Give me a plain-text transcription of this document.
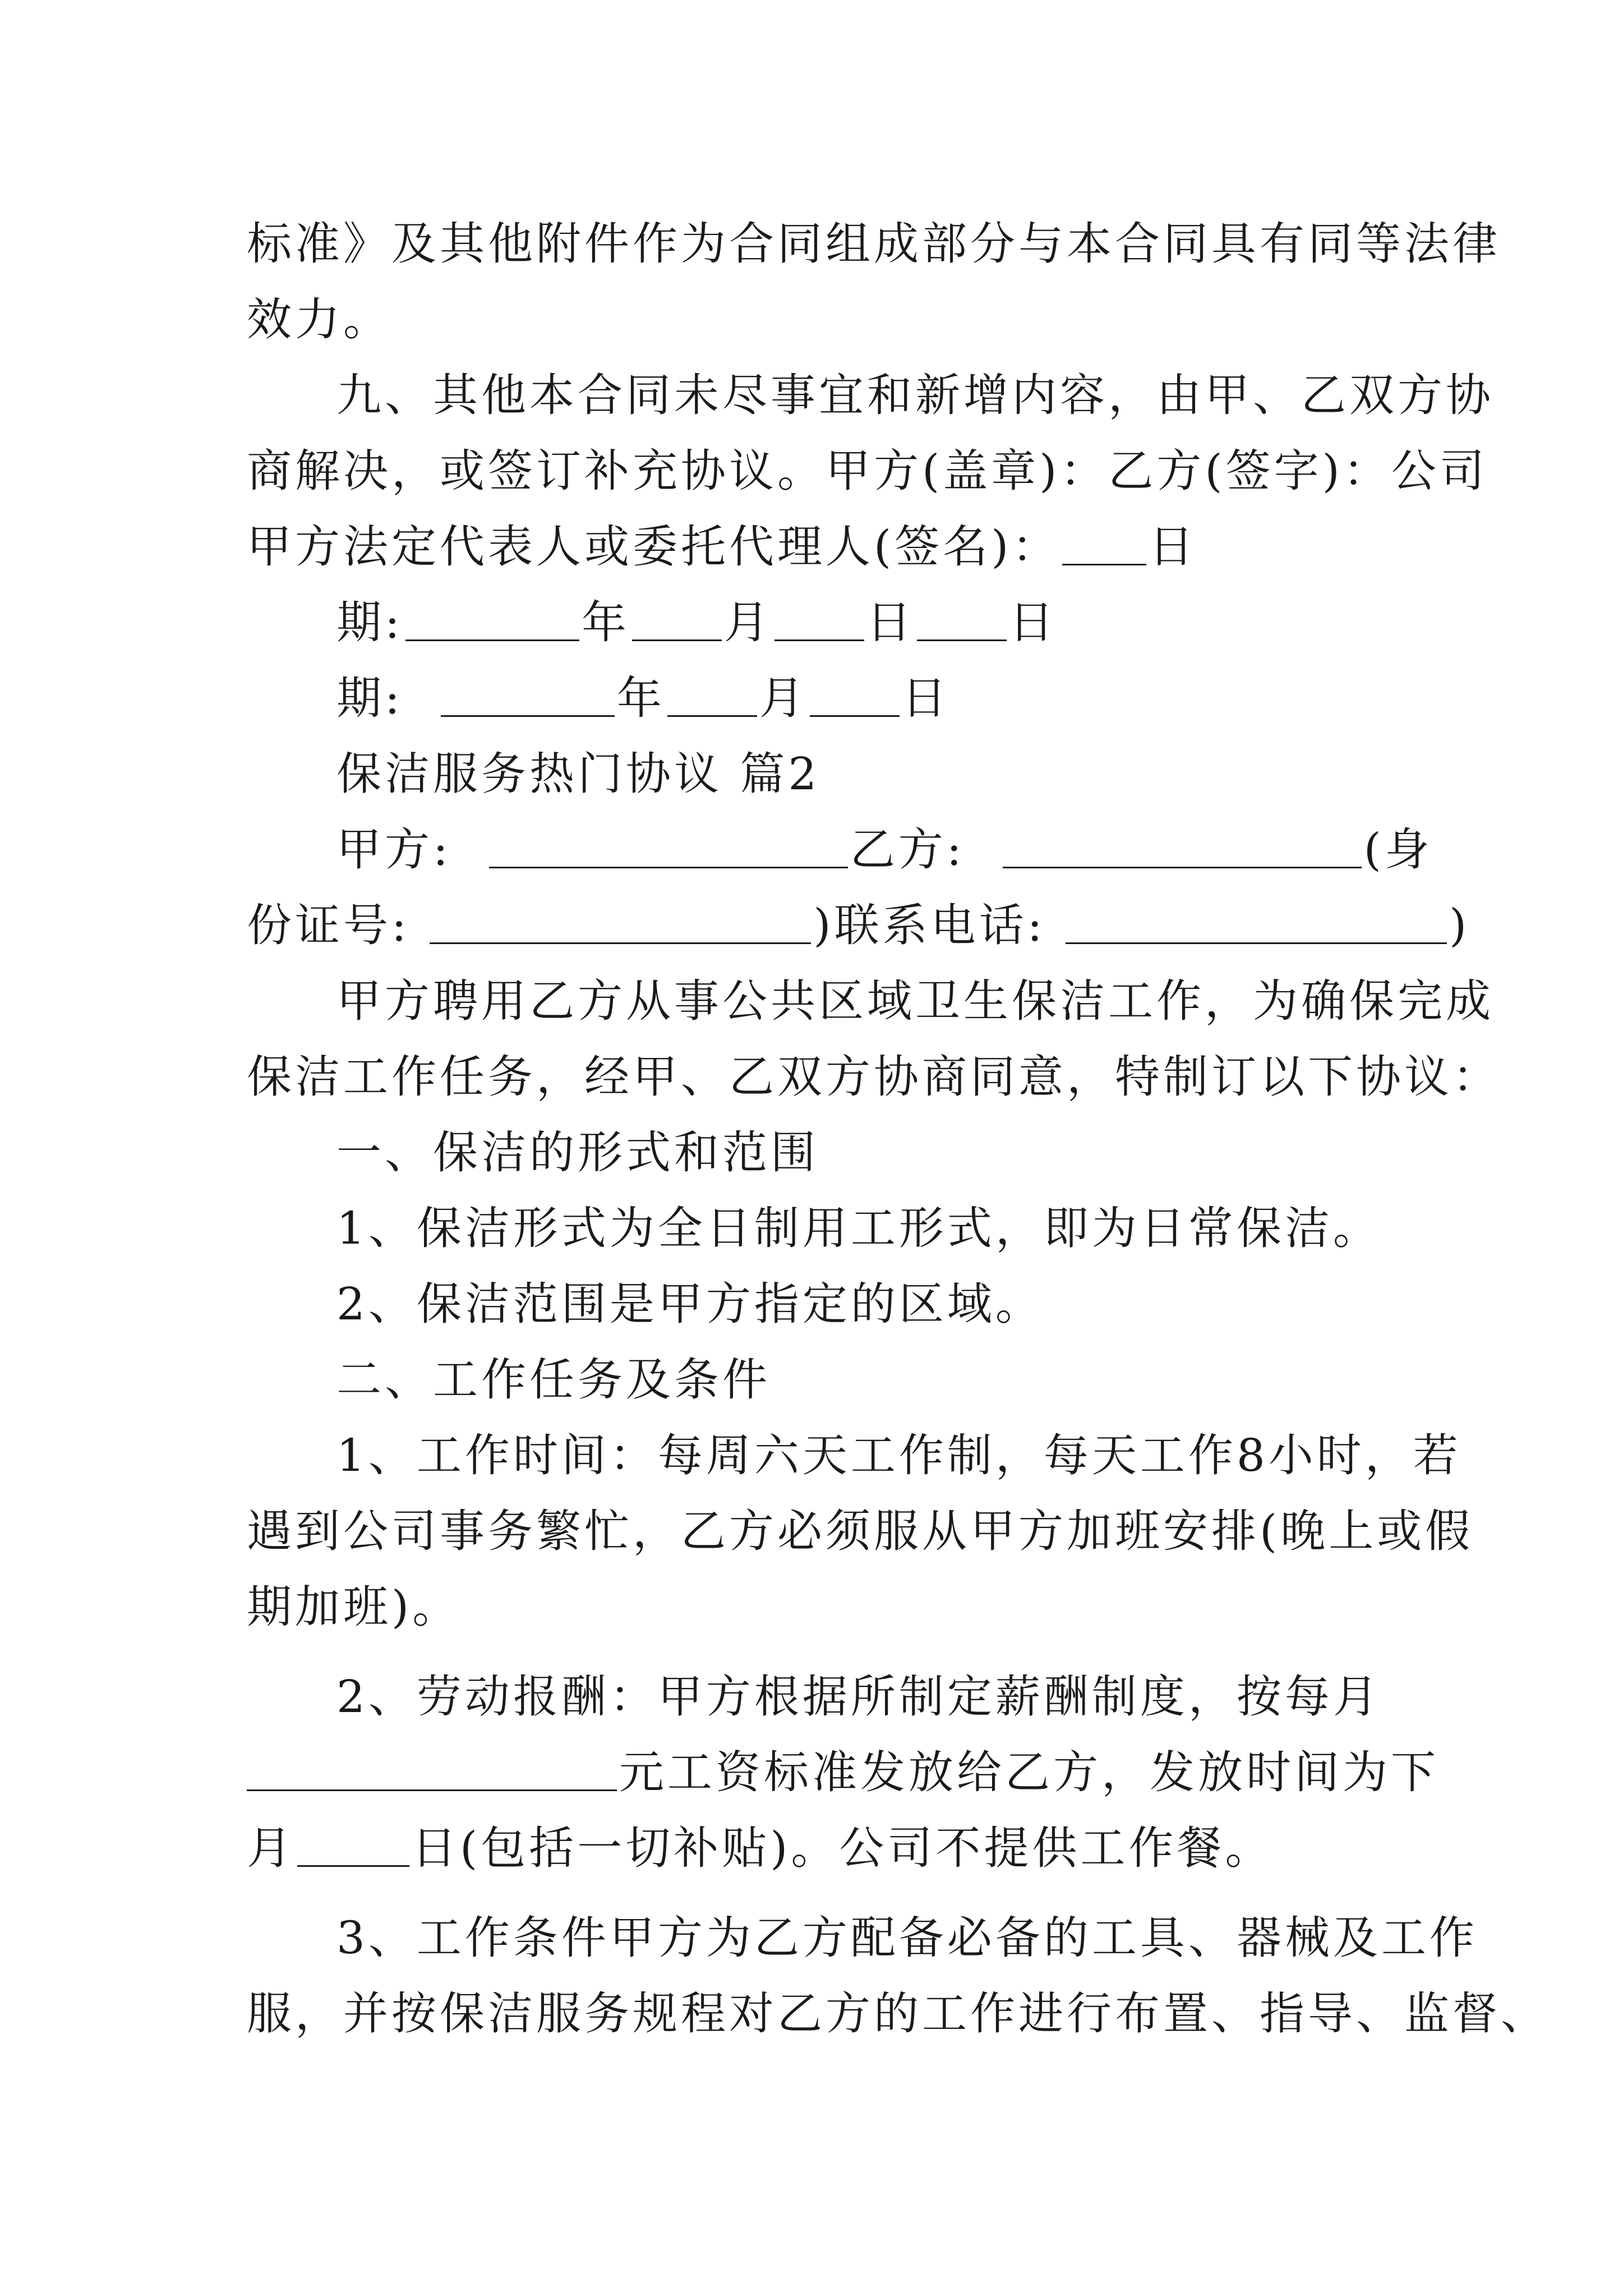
标准》及其他附件作为合同组成部分与本合同具有同等法律
效力。
九、其他本合同未尽事宜和新增内容，由甲、乙双方协
商解决，或签订补充协议。甲方(盖章)：乙方(签字)：公司
甲方法定代表人或委托代理人(签名)： 日
期:	年 月 日 日
期:	年 月 日
保洁服务热门协议 篇2
甲方:	乙方:	(身
份证号:	)联系电话:	)
甲方聘用乙方从事公共区域卫生保洁工作，为确保完成
保洁工作任务，经甲、乙双方协商同意，特制订以下协议：
一、保洁的形式和范围
1、保洁形式为全日制用工形式，即为日常保洁。
2、保洁范围是甲方指定的区域。
二、工作任务及条件
1、工作时间：每周六天工作制，每天工作8小时，若
遇到公司事务繁忙，乙方必须服从甲方加班安排(晚上或假
期加班)。
2、劳动报酬：甲方根据所制定薪酬制度，按每月
元工资标准发放给乙方，发放时间为下
月	日(包括一切补贴)。公司不提供工作餐。
3、工作条件甲方为乙方配备必备的工具、器械及工作
服，并按保洁服务规程对乙方的工作进行布置、指导、监督、
